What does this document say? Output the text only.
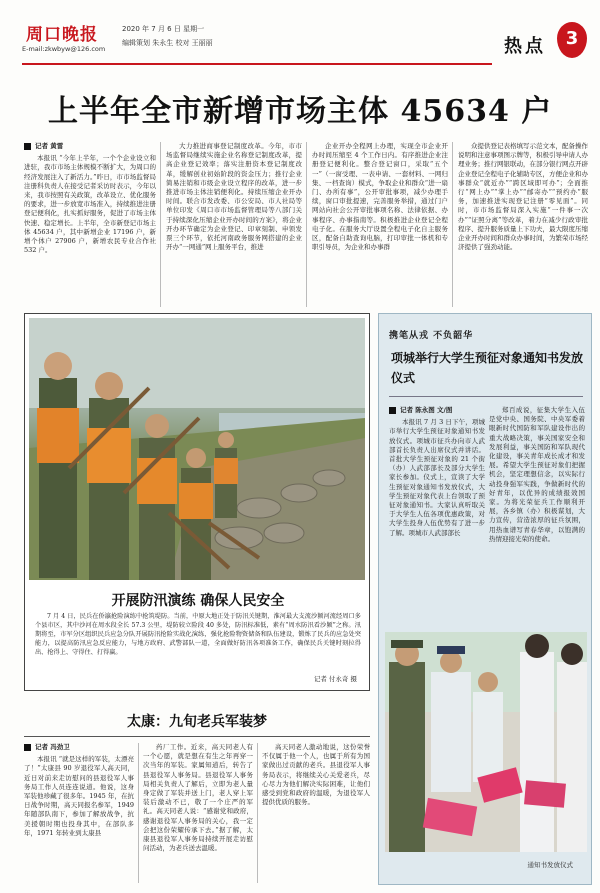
周口晚报
E-mail:zkwbyw@126.com
2020 年 7 月 6 日 星期一
编辑策划 朱永生 校对 王丽丽	热点	3
上半年全市新增市场主体 45634 户
记者 黄雷

本报讯 “今年上半年，一个个企业设立和进驻，我市市场主体规模不断扩大，为周口的经济发展注入了新活力。”昨日，市市场监督局注册科负责人在接受记者采访时表示，今年以来，我市按照有关政策，改革设立、优化服务的要求，进一步放宽市场准入，持续推进注册登记便利化，扎实抓好服务，促进了市场主体快速、稳定增长。上半年，全市新登记市场主体 45634 户，其中新增企业 17196 户，新增个体户 27906 户，新增农民专业合作社 532 户。

大力推进商事登记制度改革。今年，市市场监督局继续实施企业名称登记制度改革，提高企业登记效率；落实注册资本登记制度改革，缓解创业初始阶段的资金压力；推行企业简易注销和市级企业设立程序的改革，进一步推进市场主体注销便利化。持续压缩企业开办时间。联合市发改委、市公安局、市人社局等单位印发《周口市市场监督管理局等八部门关于持续深化压缩企业开办时间的方案》，将企业开办环节确定为企业登记、印章刻制、申领发票三个环节，依托河南政务服务网搭建的企业开办“一网通”网上服务平台，推进

企业开办全程网上办理，实现全市企业开办时间压缩至 4 个工作日内。有序推进企业注册登记便利化。整合登记窗口，采取“五个一”（一窗受理、一表申请、一套材料、一网归集、一档查询）模式，争取企业和群众“进一扇门、办所有事”，公开审批事项，减少办理手续，窗口审批提速，完善服务举措，通过门户网站向社会公开审批事项名称、法律依据、办事程序、办事指南等。积极推进企业登记全程电子化。在服务大厅设置全程电子化自主服务区，配备自助查询电脑，打印审批一体机和专职引导员，为企业和办事群

众提供登记表格填写示范文本，配备操作说明和注意事项图示牌等，积极引导申请人办理业务；推行网银联动，在部分银行网点开辟企业登记全程电子化辅助专区，方便企业和办事群众“就近办”“跨区域即可办”；全面推行“网上办”“掌上办”“邮寄办”“预约办”服务，加速推进实现登记注册“零见面”。同时，市市场监督局深入实施“一件事一次办”“证照分离”等改革，着力在减少行政审批程序、提升服务质量上下功夫，最大限度压缩企业开办时间和群众办事时间，为繁荣市场经济提供了强劲动能。

开展防汛演练 确保人民安全
7 月 4 日，民兵在侨瀛抢险演练中抢筑堤防。当前，中原大地正处于防汛关键期，淮河最大支流沙颍河流经周口多个县市区，其中沙河在周水段全长 57.3 公里，堤防较立险段 40 多处，防汛标准低，素有“周水防汛看沙颍”之称。汛期将至，市军分区组织民兵应急分队开展防汛抢险实战化演练，强化抢险物资储备和队伍建设，锻炼了民兵的应急处突能力，以提高防汛应急反应能力，与地方政府、武警部队一道，全面做好防汛各项准备工作，确保民兵关键时刻拉得出、抢得上、守得住、打得赢。
记者 付永奇 摄
携笔从戎 不负韶华
项城举行大学生预征对象通知书发放仪式
记者 陈永图 文/图

本报讯 7 月 3 日下午，项城市举行大学生预征对象通知书发放仪式。项城市征兵办向市人武部首长负责人出席仪式并讲话。首批大学生预征对象的 21 个街（办）人武部部长及部分大学生家长参加。仪式上，宣读了大学生预征对象通知书发放仪式，大学生预征对象代表上台领取了预征对象通知书。大家认真听取关于大学生人伍各项优惠政策，对大学生投身人伍优势有了进一步了解。项城市人武部部长

郑百成说，征集大学生入伍是党中央、国务院、中央军委着眼新时代国防和军队建设作出的重大战略决策，事关国家安全和发展利益，事关国防和军队现代化建设，事关青年成长成才和发展。希望大学生预征对象们把握机会，坚定理想信念，以实际行动投身强军实践，争做新时代的好青年，以优异的成绩报效国家。为将光荣征兵工作顺利开展，各乡镇（办）积极谋划，大力宣传，营造浓厚的征兵氛围，用热血谱写青春华章，以饱满的热情迎接光荣的使命。

通知书发放仪式
太康：九旬老兵军装梦
记者 冯劲卫

本报讯 “就是这样的军装，太漂亮了！”太康县 90 岁退役军人高天同，近日对前来走访慰问的县退役军人事务局工作人员连连说道。他说，这身军装他珍藏了很多年。1945 年，在抗日战争时期，高天同报名参军，1949 年随部队南下，参加了解放战争，抗美援朝时期也投身其中，在部队多年，1971 年转业到太康县

药厂工作。近来，高天同老人有一个心愿，就是想在有生之年再穿一次当年的军装。家属知道后，转告了县退役军人事务局。县退役军人事务局相关负责人了解后，立即为老人量身定做了军装并送上门，老人穿上军装后激动不已，敬了一个庄严的军礼。高天同老人说：“感谢党和政府，感谢退役军人事务局的关心，我一定会把这份荣耀传承下去。”据了解，太康县退役军人事务局持续开展走访慰问活动，为老兵送去温暖。

高天同老人激动地说，这份荣誉不仅属于他一个人，也属于所有为国家做出过贡献的老兵。县退役军人事务局表示，将继续关心关爱老兵，尽心尽力为他们解决实际困难，让他们感受到党和政府的温暖，为退役军人提供优质的服务。
